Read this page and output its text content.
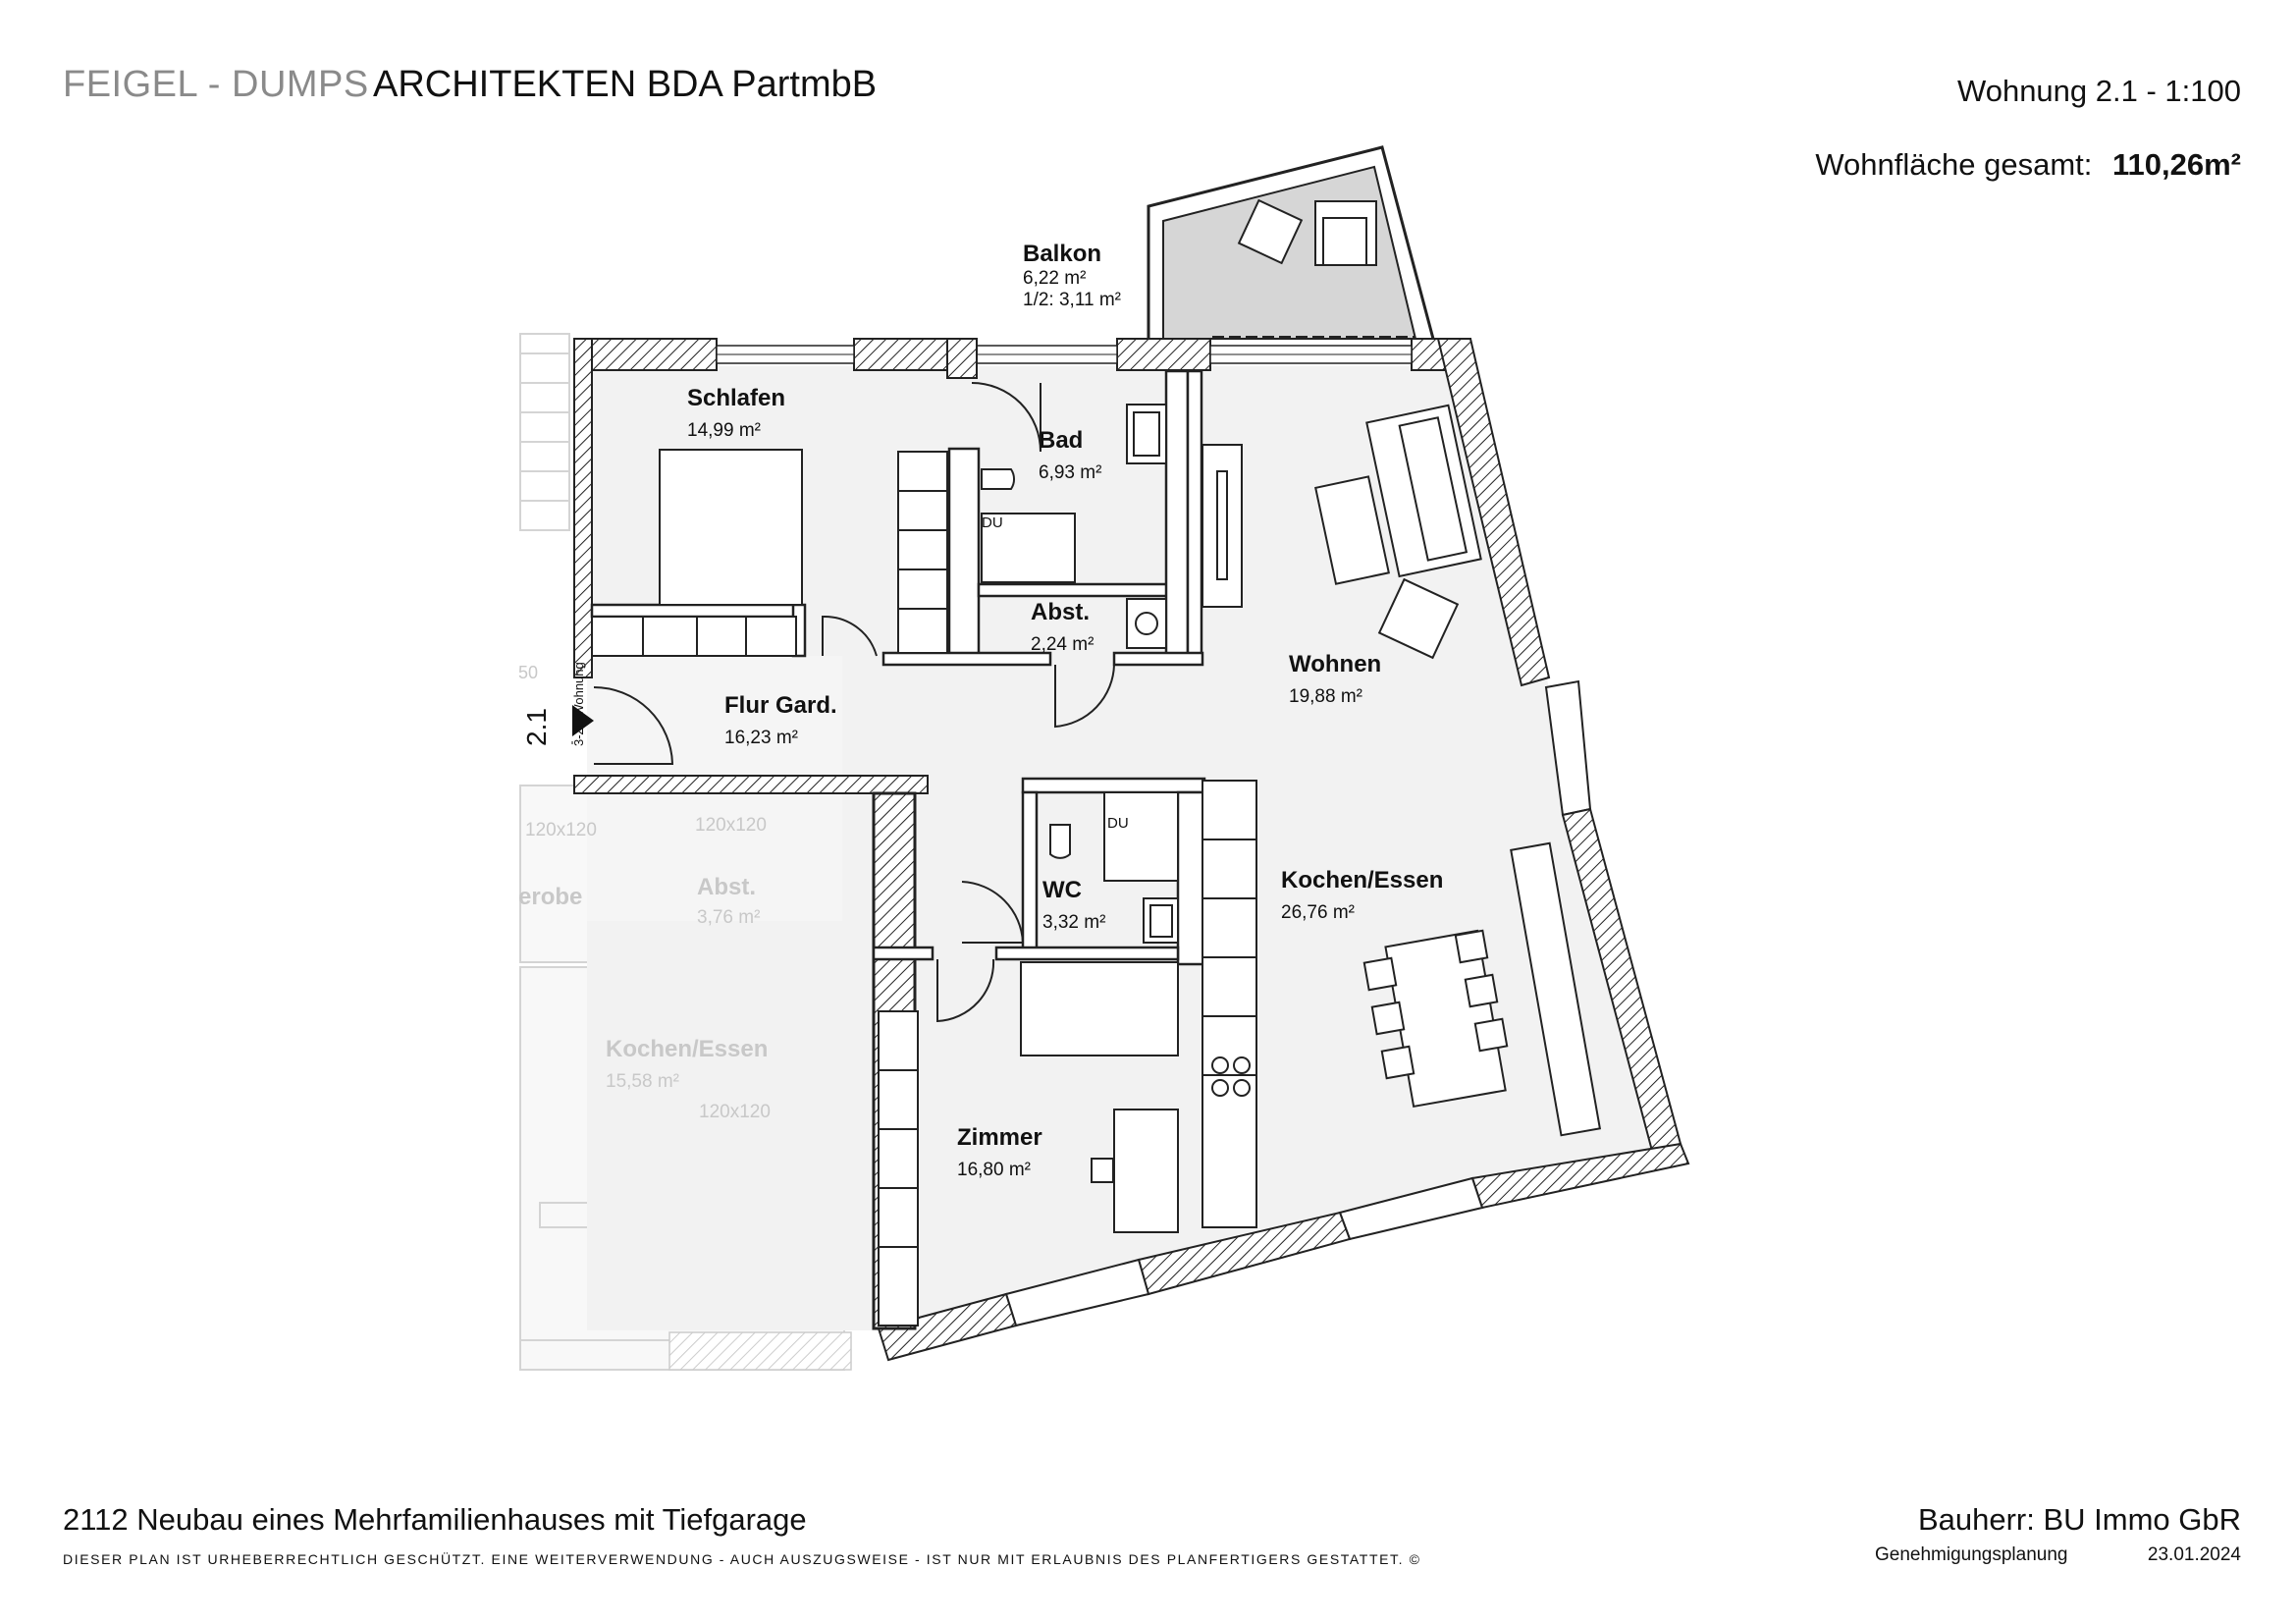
FEIGEL - DUMPS ARCHITEKTEN BDA PartmbB	Wohnung 2.1 - 1:100
Wohnfläche gesamt: 110,26m²
Balkon
6,22 m²
1/2: 3,11 m²
Schlafen
14,99 m²	Bad
6,93 m²
Abst.
2,24 m²
Flur Gard.
16,23 m²
Wohnen
19,88 m²
WC
3,32 m²
Kochen/Essen
26,76 m²
Zimmer
16,80 m²
DU
DU
2.1 3-Zi.-Wohnung
50
erobe
120x120	120x120
Abst.
3,76 m²
Kochen/Essen
15,58 m²
120x120
2112 Neubau eines Mehrfamilienhauses mit Tiefgarage
DIESER PLAN IST URHEBERRECHTLICH GESCHÜTZT. EINE WEITERVERWENDUNG - AUCH AUSZUGSWEISE - IST NUR MIT ERLAUBNIS DES PLANFERTIGERS GESTATTET. ©
Bauherr: BU Immo GbR
Genehmigungsplanung	23.01.2024
